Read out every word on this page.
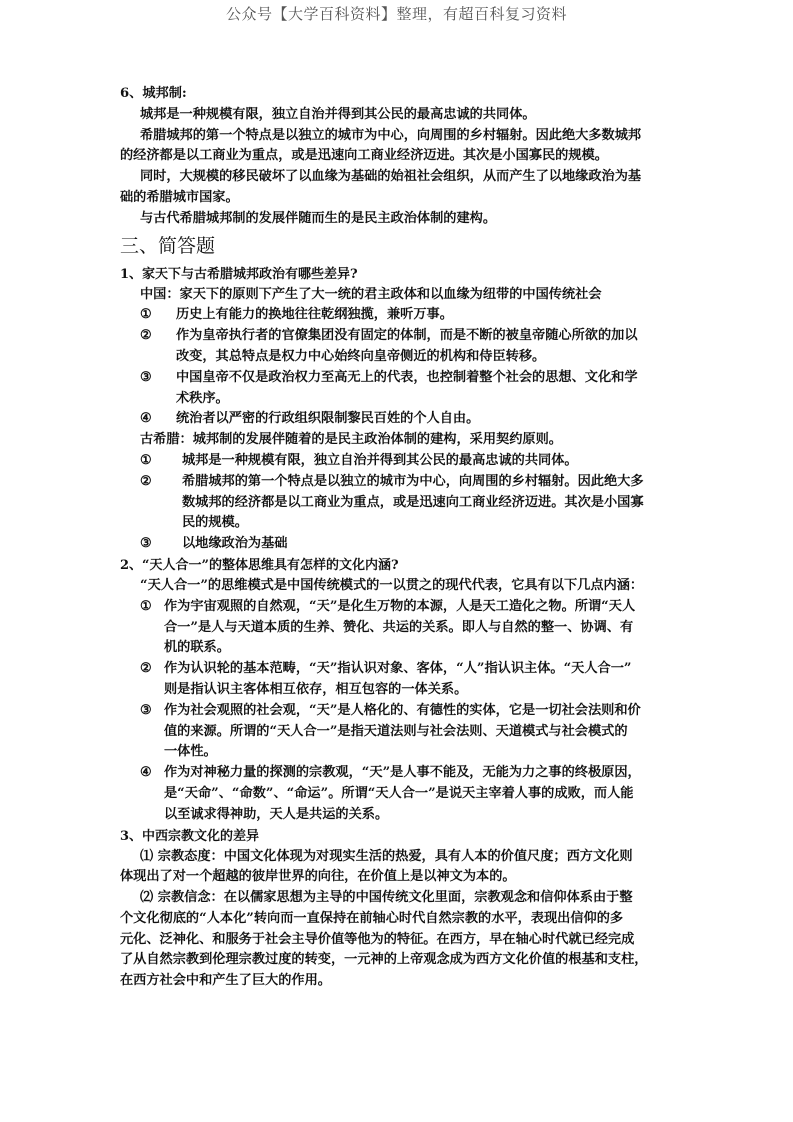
公众号【大学百科资料】整理，有超百科复习资料

6、城邦制:

城邦是一种规模有限，独立自治并得到其公民的最高忠诚的共同体。

希腊城邦的第一个特点是以独立的城市为中心，向周围的乡村辐射。因此绝大多数城邦

的经济都是以工商业为重点，或是迅速向工商业经济迈进。其次是小国寡民的规模。

同时，大规模的移民破坏了以血缘为基础的始祖社会组织，从而产生了以地缘政治为基

础的希腊城市国家。

与古代希腊城邦制的发展伴随而生的是民主政治体制的建构。

三、简答题

1、家天下与古希腊城邦政治有哪些差异?

中国：家天下的原则下产生了大一统的君主政体和以血缘为纽带的中国传统社会

①	历史上有能力的换地往往乾纲独揽，兼听万事。
②	作为皇帝执行者的官僚集团没有固定的体制，而是不断的被皇帝随心所欲的加以
改变，其总特点是权力中心始终向皇帝侧近的机构和侍臣转移。
③	中国皇帝不仅是政治权力至高无上的代表，也控制着整个社会的思想、文化和学
术秩序。
④	统治者以严密的行政组织限制黎民百姓的个人自由。

古希腊：城邦制的发展伴随着的是民主政治体制的建构，采用契约原则。

①	城邦是一种规模有限，独立自治并得到其公民的最高忠诚的共同体。
②	希腊城邦的第一个特点是以独立的城市为中心，向周围的乡村辐射。因此绝大多
数城邦的经济都是以工商业为重点，或是迅速向工商业经济迈进。其次是小国寡
民的规模。
③	以地缘政治为基础

2、“天人合一”的整体思维具有怎样的文化内涵?

“天人合一”的思维模式是中国传统模式的一以贯之的现代代表，它具有以下几点内涵：

① 作为宇宙观照的自然观，“天”是化生万物的本源，人是天工造化之物。所谓“天人
合一”是人与天道本质的生养、赞化、共运的关系。即人与自然的整一、协调、有
机的联系。
② 作为认识轮的基本范畴，“天”指认识对象、客体，“人”指认识主体。“天人合一”
则是指认识主客体相互依存，相互包容的一体关系。
③ 作为社会观照的社会观，“天”是人格化的、有德性的实体，它是一切社会法则和价
值的来源。所谓的“天人合一”是指天道法则与社会法则、天道模式与社会模式的
一体性。
④ 作为对神秘力量的探测的宗教观，“天”是人事不能及，无能为力之事的终极原因，
是“天命”、“命数”、“命运”。所谓“天人合一”是说天主宰着人事的成败，而人能
以至诚求得神助，天人是共运的关系。

3、中西宗教文化的差异

⑴ 宗教态度：中国文化体现为对现实生活的热爱，具有人本的价值尺度；西方文化则

体现出了对一个超越的彼岸世界的向往，在价值上是以神文为本的。

⑵ 宗教信念：在以儒家思想为主导的中国传统文化里面，宗教观念和信仰体系由于整

个文化彻底的“人本化”转向而一直保持在前轴心时代自然宗教的水平，表现出信仰的多

元化、泛神化、和服务于社会主导价值等他为的特征。在西方，早在轴心时代就已经完成

了从自然宗教到伦理宗教过度的转变，一元神的上帝观念成为西方文化价值的根基和支柱，

在西方社会中和产生了巨大的作用。
